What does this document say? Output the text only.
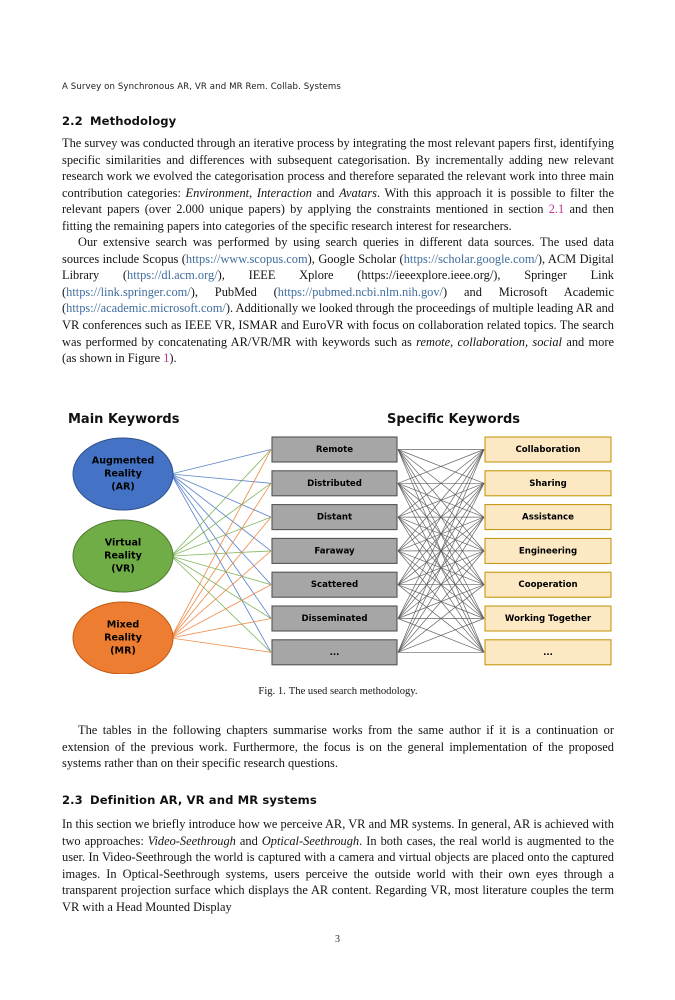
A Survey on Synchronous AR, VR and MR Rem. Collab. Systems
2.2 Methodology

The survey was conducted through an iterative process by integrating the most relevant papers first, identifying specific similarities and differences with subsequent categorisation. By incrementally adding new relevant research work we evolved the categorisation process and therefore separated the relevant work into three main contribution categories: Environment, Interaction and Avatars. With this approach it is possible to filter the relevant papers (over 2.000 unique papers) by applying the constraints mentioned in section 2.1 and then fitting the remaining papers into categories of the specific research interest for researchers.

Our extensive search was performed by using search queries in different data sources. The used data sources include Scopus (https://www.scopus.com), Google Scholar (https://scholar.google.com/), ACM Digital Library (https://dl.acm.org/), IEEE Xplore (https://ieeexplore.ieee.org/), Springer Link (https://link.springer.com/), PubMed (https://pubmed.ncbi.nlm.nih.gov/) and Microsoft Academic (https://academic.microsoft.com/). Additionally we looked through the proceedings of multiple leading AR and VR conferences such as IEEE VR, ISMAR and EuroVR with focus on collaboration related topics. The search was performed by concatenating AR/VR/MR with keywords such as remote, collaboration, social and more (as shown in Figure 1).

Main Keywords	Specific Keywords
Augmented
Reality
(AR)
Virtual
Reality
(VR)
Mixed
Reality
(MR)
Remote
Distributed
Distant
Faraway
Scattered
Disseminated
...
Collaboration
Sharing
Assistance
Engineering
Cooperation
Working Together
...
Fig. 1. The used search methodology.

The tables in the following chapters summarise works from the same author if it is a continuation or extension of the previous work. Furthermore, the focus is on the general implementation of the proposed systems rather than on their specific research questions.

2.3 Definition AR, VR and MR systems

In this section we briefly introduce how we perceive AR, VR and MR systems. In general, AR is achieved with two approaches: Video-Seethrough and Optical-Seethrough. In both cases, the real world is augmented to the user. In Video-Seethrough the world is captured with a camera and virtual objects are placed onto the captured images. In Optical-Seethrough systems, users perceive the outside world with their own eyes through a transparent projection surface which displays the AR content. Regarding VR, most literature couples the term VR with a Head Mounted Display

3
